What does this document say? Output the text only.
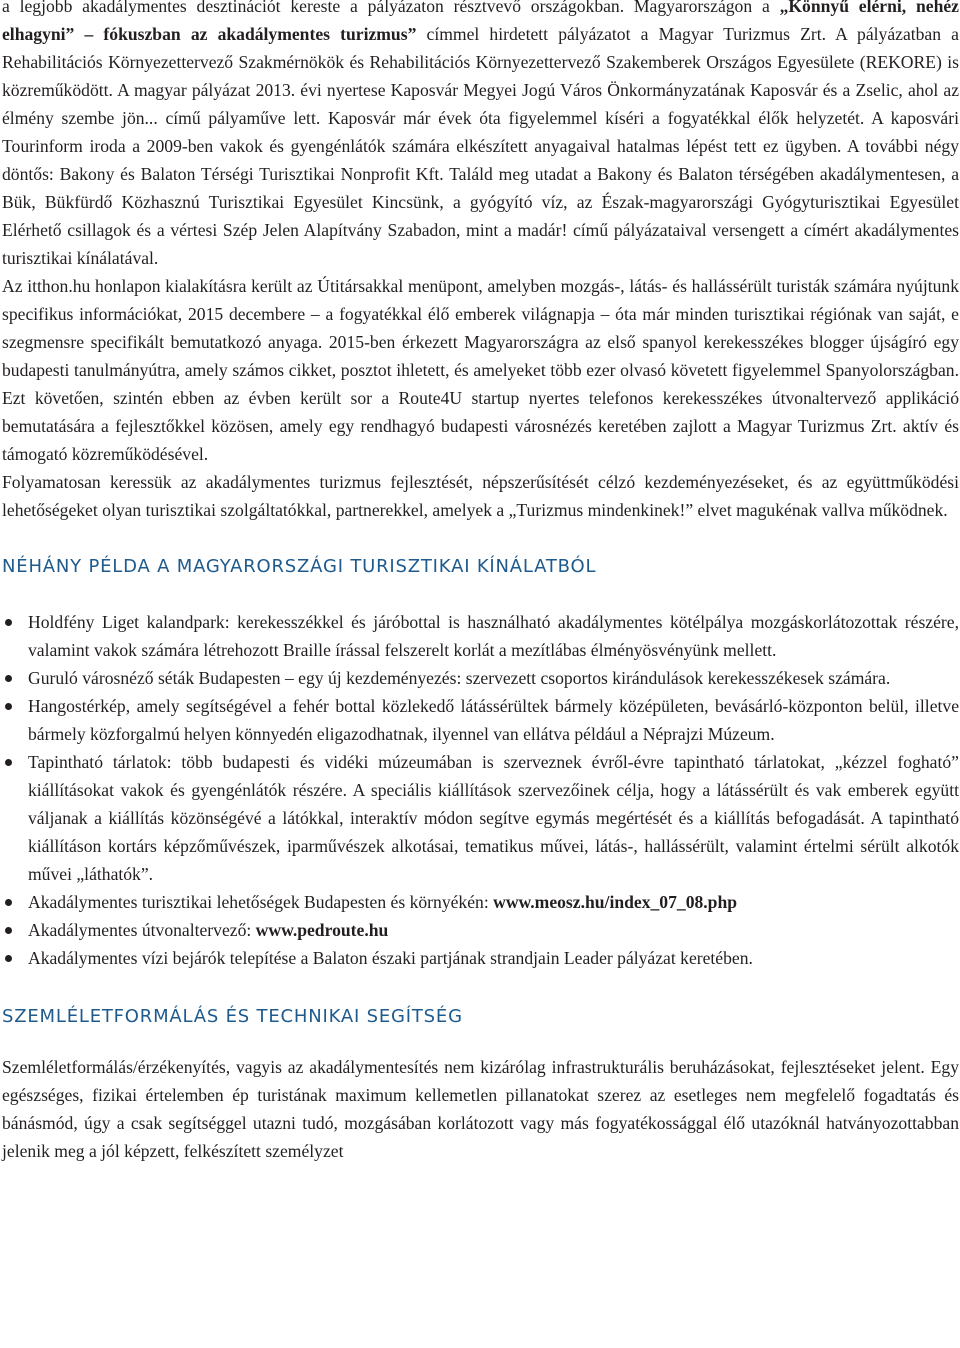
a legjobb akadálymentes desztinációt kereste a pályázaton résztvevő országokban. Magyarországon a „Könnyű elérni, nehéz elhagyni” – fókuszban az akadálymentes turizmus” címmel hirdetett pályázatot a Magyar Turizmus Zrt. A pályázatban a Rehabilitációs Környezettervező Szakmérnökök és Rehabilitációs Környezettervező Szakemberek Országos Egyesülete (REKORE) is közreműködött. A magyar pályázat 2013. évi nyertese Kaposvár Megyei Jogú Város Önkormányzatának Kaposvár és a Zselic, ahol az élmény szembe jön... című pályaműve lett. Kaposvár már évek óta figyelemmel kíséri a fogyatékkal élők helyzetét. A kaposvári Tourinform iroda a 2009-ben vakok és gyengénlátók számára elkészített anyagaival hatalmas lépést tett ez ügyben. A további négy döntős: Bakony és Balaton Térségi Turisztikai Nonprofit Kft. Találd meg utadat a Bakony és Balaton térségében akadálymentesen, a Bük, Bükfürdő Közhasznú Turisztikai Egyesület Kincsünk, a gyógyító víz, az Észak-magyarországi Gyógyturisztikai Egyesület Elérhető csillagok és a vértesi Szép Jelen Alapítvány Szabadon, mint a madár! című pályázataival versengett a címért akadálymentes turisztikai kínálatával.

Az itthon.hu honlapon kialakításra került az Útitársakkal menüpont, amelyben mozgás-, látás- és hallássérült turisták számára nyújtunk specifikus információkat, 2015 decembere – a fogyatékkal élő emberek világnapja – óta már minden turisztikai régiónak van saját, e szegmensre specifikált bemutatkozó anyaga. 2015-ben érkezett Magyarországra az első spanyol kerekesszékes blogger újságíró egy budapesti tanulmányútra, amely számos cikket, posztot ihletett, és amelyeket több ezer olvasó követett figyelemmel Spanyolországban. Ezt követően, szintén ebben az évben került sor a Route4U startup nyertes telefonos kerekesszékes útvonaltervező applikáció bemutatására a fejlesztőkkel közösen, amely egy rendhagyó budapesti városnézés keretében zajlott a Magyar Turizmus Zrt. aktív és támogató közreműködésével.

Folyamatosan keressük az akadálymentes turizmus fejlesztését, népszerűsítését célzó kezdeményezéseket, és az együttműködési lehetőségeket olyan turisztikai szolgáltatókkal, partnerekkel, amelyek a „Turizmus mindenkinek!” elvet magukénak vallva működnek.

NÉHÁNY PÉLDA A MAGYARORSZÁGI TURISZTIKAI KÍNÁLATBÓL
Holdfény Liget kalandpark: kerekesszékkel és járóbottal is használható akadálymentes kötélpálya mozgáskorlátozottak részére, valamint vakok számára létrehozott Braille írással felszerelt korlát a mezítlábas élményösvényünk mellett.
Guruló városnéző séták Budapesten – egy új kezdeményezés: szervezett csoportos kirándulások kerekesszékesek számára.
Hangostérkép, amely segítségével a fehér bottal közlekedő látássérültek bármely középületen, bevásárló-központon belül, illetve bármely közforgalmú helyen könnyedén eligazodhatnak, ilyennel van ellátva például a Néprajzi Múzeum.
Tapintható tárlatok: több budapesti és vidéki múzeumában is szerveznek évről-évre tapintható tárlatokat, „kézzel fogható” kiállításokat vakok és gyengénlátók részére. A speciális kiállítások szervezőinek célja, hogy a látássérült és vak emberek együtt váljanak a kiállítás közönségévé a látókkal, interaktív módon segítve egymás megértését és a kiállítás befogadását. A tapintható kiállításon kortárs képzőművészek, iparművészek alkotásai, tematikus művei, látás-, hallássérült, valamint értelmi sérült alkotók művei „láthatók”.
Akadálymentes turisztikai lehetőségek Budapesten és környékén: www.meosz.hu/index_07_08.php
Akadálymentes útvonaltervező: www.pedroute.hu
Akadálymentes vízi bejárók telepítése a Balaton északi partjának strandjain Leader pályázat keretében.
SZEMLÉLETFORMÁLÁS ÉS TECHNIKAI SEGÍTSÉG

Szemléletformálás/érzékenyítés, vagyis az akadálymentesítés nem kizárólag infrastrukturális beruházásokat, fejlesztéseket jelent. Egy egészséges, fizikai értelemben ép turistának maximum kellemetlen pillanatokat szerez az esetleges nem megfelelő fogadtatás és bánásmód, úgy a csak segítséggel utazni tudó, mozgásában korlátozott vagy más fogyatékossággal élő utazóknál hatványozottabban jelenik meg a jól képzett, felkészített személyzet
